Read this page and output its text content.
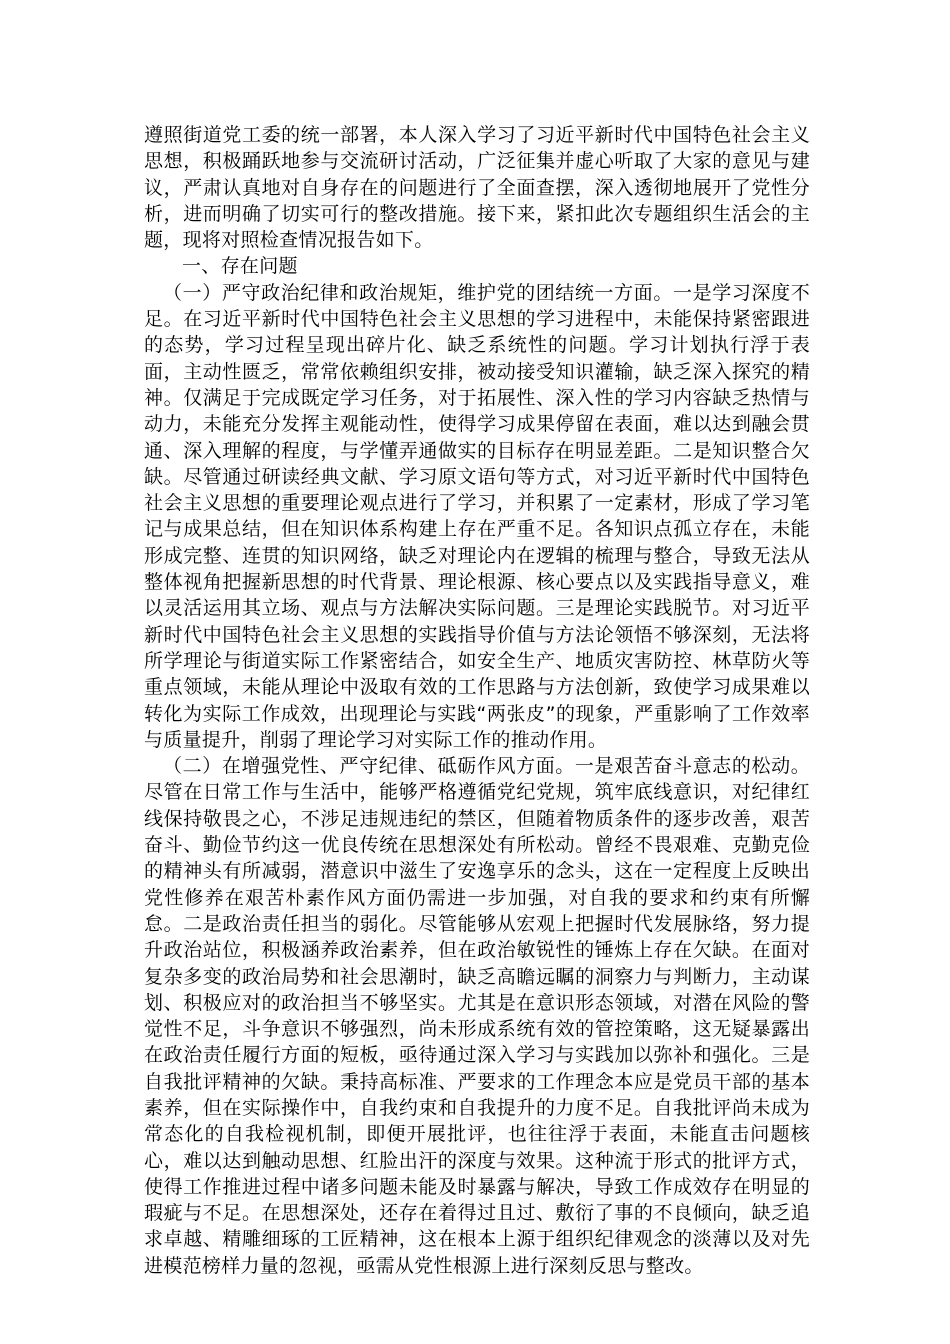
遵照街道党工委的统一部署，本人深入学习了习近平新时代中国特色社会主义思想，积极踊跃地参与交流研讨活动，广泛征集并虚心听取了大家的意见与建议，严肃认真地对自身存在的问题进行了全面查摆，深入透彻地展开了党性分析，进而明确了切实可行的整改措施。接下来，紧扣此次专题组织生活会的主题，现将对照检查情况报告如下。

一、存在问题

（一）严守政治纪律和政治规矩，维护党的团结统一方面。一是学习深度不足。在习近平新时代中国特色社会主义思想的学习进程中，未能保持紧密跟进的态势，学习过程呈现出碎片化、缺乏系统性的问题。学习计划执行浮于表面，主动性匮乏，常常依赖组织安排，被动接受知识灌输，缺乏深入探究的精神。仅满足于完成既定学习任务，对于拓展性、深入性的学习内容缺乏热情与动力，未能充分发挥主观能动性，使得学习成果停留在表面，难以达到融会贯通、深入理解的程度，与学懂弄通做实的目标存在明显差距。二是知识整合欠缺。尽管通过研读经典文献、学习原文语句等方式，对习近平新时代中国特色社会主义思想的重要理论观点进行了学习，并积累了一定素材，形成了学习笔记与成果总结，但在知识体系构建上存在严重不足。各知识点孤立存在，未能形成完整、连贯的知识网络，缺乏对理论内在逻辑的梳理与整合，导致无法从整体视角把握新思想的时代背景、理论根源、核心要点以及实践指导意义，难以灵活运用其立场、观点与方法解决实际问题。三是理论实践脱节。对习近平新时代中国特色社会主义思想的实践指导价值与方法论领悟不够深刻，无法将所学理论与街道实际工作紧密结合，如安全生产、地质灾害防控、林草防火等重点领域，未能从理论中汲取有效的工作思路与方法创新，致使学习成果难以转化为实际工作成效，出现理论与实践“两张皮”的现象，严重影响了工作效率与质量提升，削弱了理论学习对实际工作的推动作用。

（二）在增强党性、严守纪律、砥砺作风方面。一是艰苦奋斗意志的松动。尽管在日常工作与生活中，能够严格遵循党纪党规，筑牢底线意识，对纪律红线保持敬畏之心，不涉足违规违纪的禁区，但随着物质条件的逐步改善，艰苦奋斗、勤俭节约这一优良传统在思想深处有所松动。曾经不畏艰难、克勤克俭的精神头有所减弱，潜意识中滋生了安逸享乐的念头，这在一定程度上反映出党性修养在艰苦朴素作风方面仍需进一步加强，对自我的要求和约束有所懈怠。二是政治责任担当的弱化。尽管能够从宏观上把握时代发展脉络，努力提升政治站位，积极涵养政治素养，但在政治敏锐性的锤炼上存在欠缺。在面对复杂多变的政治局势和社会思潮时，缺乏高瞻远瞩的洞察力与判断力，主动谋划、积极应对的政治担当不够坚实。尤其是在意识形态领域，对潜在风险的警觉性不足，斗争意识不够强烈，尚未形成系统有效的管控策略，这无疑暴露出在政治责任履行方面的短板，亟待通过深入学习与实践加以弥补和强化。三是自我批评精神的欠缺。秉持高标准、严要求的工作理念本应是党员干部的基本素养，但在实际操作中，自我约束和自我提升的力度不足。自我批评尚未成为常态化的自我检视机制，即便开展批评，也往往浮于表面，未能直击问题核心，难以达到触动思想、红脸出汗的深度与效果。这种流于形式的批评方式，使得工作推进过程中诸多问题未能及时暴露与解决，导致工作成效存在明显的瑕疵与不足。在思想深处，还存在着得过且过、敷衍了事的不良倾向，缺乏追求卓越、精雕细琢的工匠精神，这在根本上源于组织纪律观念的淡薄以及对先进模范榜样力量的忽视，亟需从党性根源上进行深刻反思与整改。
